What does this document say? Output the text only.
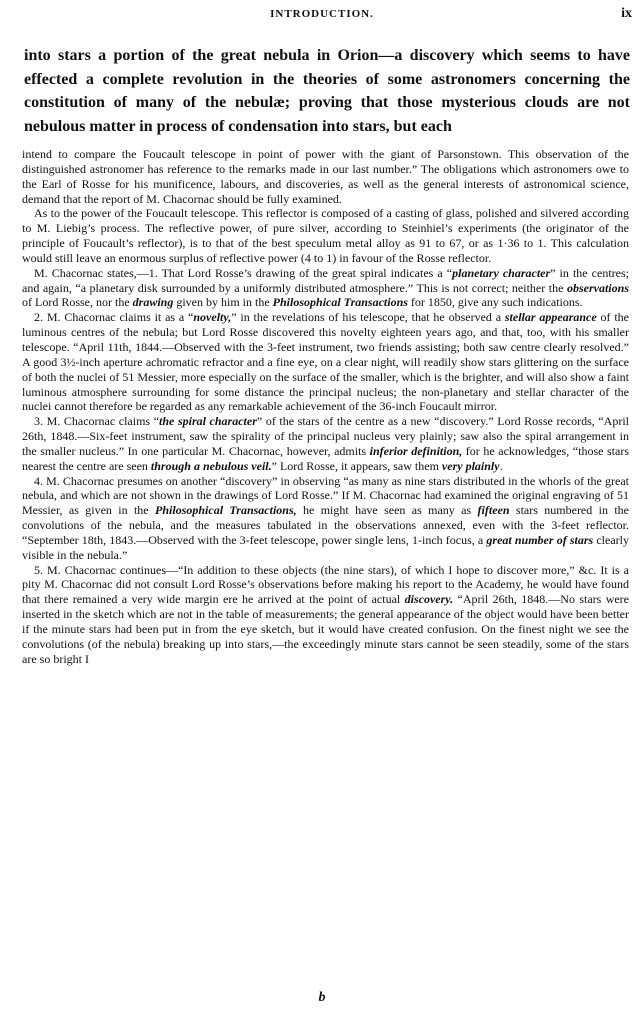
INTRODUCTION.	ix

into stars a portion of the great nebula in Orion—a discovery which seems to have effected a complete revolution in the theories of some astronomers concerning the constitution of many of the nebulæ; proving that those mysterious clouds are not nebulous matter in process of condensation into stars, but each

intend to compare the Foucault telescope in point of power with the giant of Parsonstown. This observation of the distinguished astronomer has reference to the remarks made in our last number.” The obligations which astronomers owe to the Earl of Rosse for his munificence, labours, and discoveries, as well as the general interests of astronomical science, demand that the report of M. Chacornac should be fully examined.

As to the power of the Foucault telescope. This reflector is composed of a casting of glass, polished and silvered according to M. Liebig’s process. The reflective power, of pure silver, according to Steinhiel’s experiments (the originator of the principle of Foucault’s reflector), is to that of the best speculum metal alloy as 91 to 67, or as 1·36 to 1. This calculation would still leave an enormous surplus of reflective power (4 to 1) in favour of the Rosse reflector.

M. Chacornac states,—1. That Lord Rosse’s drawing of the great spiral indicates a “planetary character” in the centres; and again, “a planetary disk surrounded by a uniformly distributed atmosphere.” This is not correct; neither the observations of Lord Rosse, nor the drawing given by him in the Philosophical Transactions for 1850, give any such indications.

2. M. Chacornac claims it as a “novelty,” in the revelations of his telescope, that he observed a stellar appearance of the luminous centres of the nebula; but Lord Rosse discovered this novelty eighteen years ago, and that, too, with his smaller telescope. “April 11th, 1844.—Observed with the 3-feet instrument, two friends assisting; both saw centre clearly resolved.” A good 3½-inch aperture achromatic refractor and a fine eye, on a clear night, will readily show stars glittering on the surface of both the nuclei of 51 Messier, more especially on the surface of the smaller, which is the brighter, and will also show a faint luminous atmosphere surrounding for some distance the principal nucleus; the non-planetary and stellar character of the nuclei cannot therefore be regarded as any remarkable achievement of the 36-inch Foucault mirror.

3. M. Chacornac claims “the spiral character” of the stars of the centre as a new “discovery.” Lord Rosse records, “April 26th, 1848.—Six-feet instrument, saw the spirality of the principal nucleus very plainly; saw also the spiral arrangement in the smaller nucleus.” In one particular M. Chacornac, however, admits inferior definition, for he acknowledges, “those stars nearest the centre are seen through a nebulous veil.” Lord Rosse, it appears, saw them very plainly.

4. M. Chacornac presumes on another “discovery” in observing “as many as nine stars distributed in the whorls of the great nebula, and which are not shown in the drawings of Lord Rosse.” If M. Chacornac had examined the original engraving of 51 Messier, as given in the Philosophical Transactions, he might have seen as many as fifteen stars numbered in the convolutions of the nebula, and the measures tabulated in the observations annexed, even with the 3-feet reflector. “September 18th, 1843.—Observed with the 3-feet telescope, power single lens, 1-inch focus, a great number of stars clearly visible in the nebula.”

5. M. Chacornac continues—“In addition to these objects (the nine stars), of which I hope to discover more,” &c. It is a pity M. Chacornac did not consult Lord Rosse’s observations before making his report to the Academy, he would have found that there remained a very wide margin ere he arrived at the point of actual discovery. “April 26th, 1848.—No stars were inserted in the sketch which are not in the table of measurements; the general appearance of the object would have been better if the minute stars had been put in from the eye sketch, but it would have created confusion. On the finest night we see the convolutions (of the nebula) breaking up into stars,—the exceedingly minute stars cannot be seen steadily, some of the stars are so bright I

b
